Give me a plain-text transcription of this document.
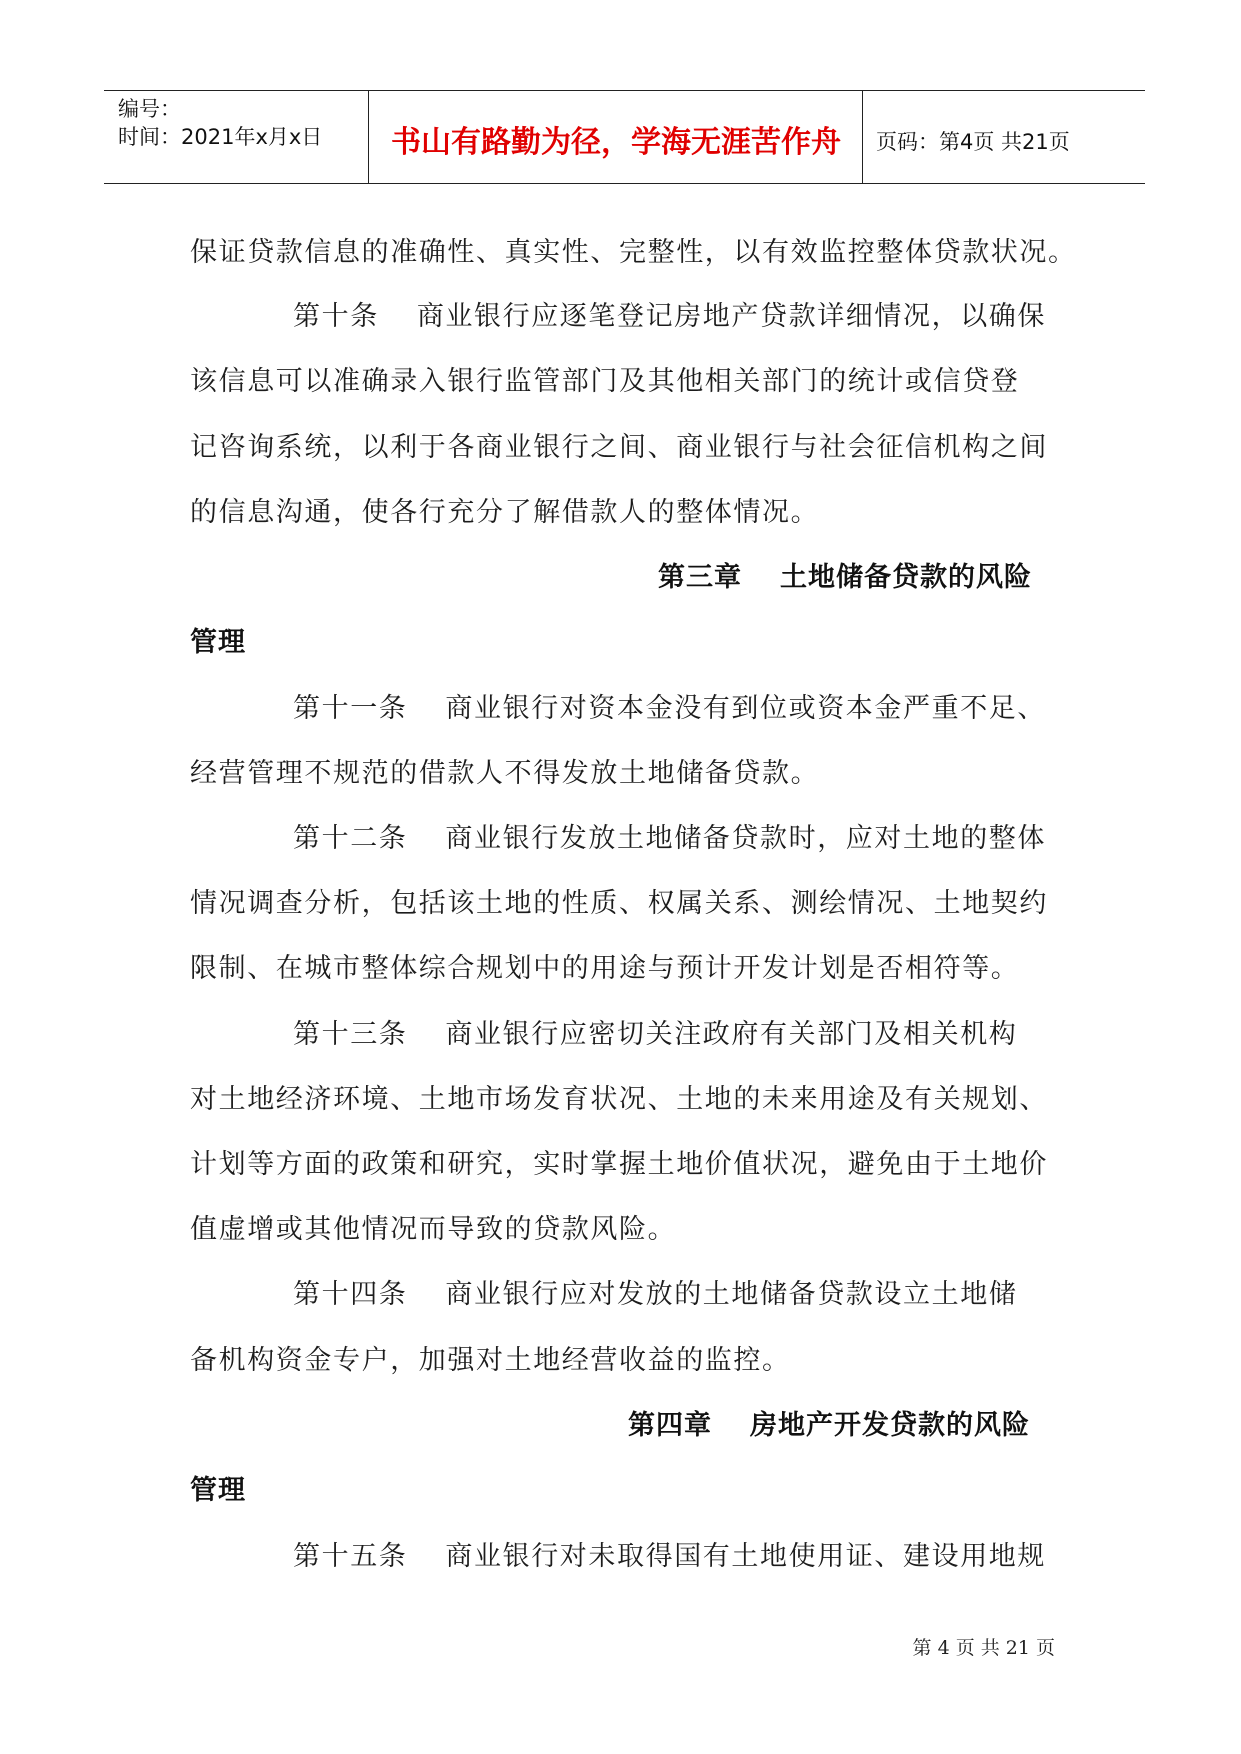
编号：
时间：2021年x月x日	书山有路勤为径，学海无涯苦作舟	页码：第4页 共21页
保证贷款信息的准确性、真实性、完整性，以有效监控整体贷款状况。
第十条 商业银行应逐笔登记房地产贷款详细情况，以确保
该信息可以准确录入银行监管部门及其他相关部门的统计或信贷登
记咨询系统，以利于各商业银行之间、商业银行与社会征信机构之间
的信息沟通，使各行充分了解借款人的整体情况。
第三章 土地储备贷款的风险
管理
第十一条 商业银行对资本金没有到位或资本金严重不足、
经营管理不规范的借款人不得发放土地储备贷款。
第十二条 商业银行发放土地储备贷款时，应对土地的整体
情况调查分析，包括该土地的性质、权属关系、测绘情况、土地契约
限制、在城市整体综合规划中的用途与预计开发计划是否相符等。
第十三条 商业银行应密切关注政府有关部门及相关机构
对土地经济环境、土地市场发育状况、土地的未来用途及有关规划、
计划等方面的政策和研究，实时掌握土地价值状况，避免由于土地价
值虚增或其他情况而导致的贷款风险。
第十四条 商业银行应对发放的土地储备贷款设立土地储
备机构资金专户，加强对土地经营收益的监控。
第四章 房地产开发贷款的风险
管理
第十五条 商业银行对未取得国有土地使用证、建设用地规
第 4 页 共 21 页
